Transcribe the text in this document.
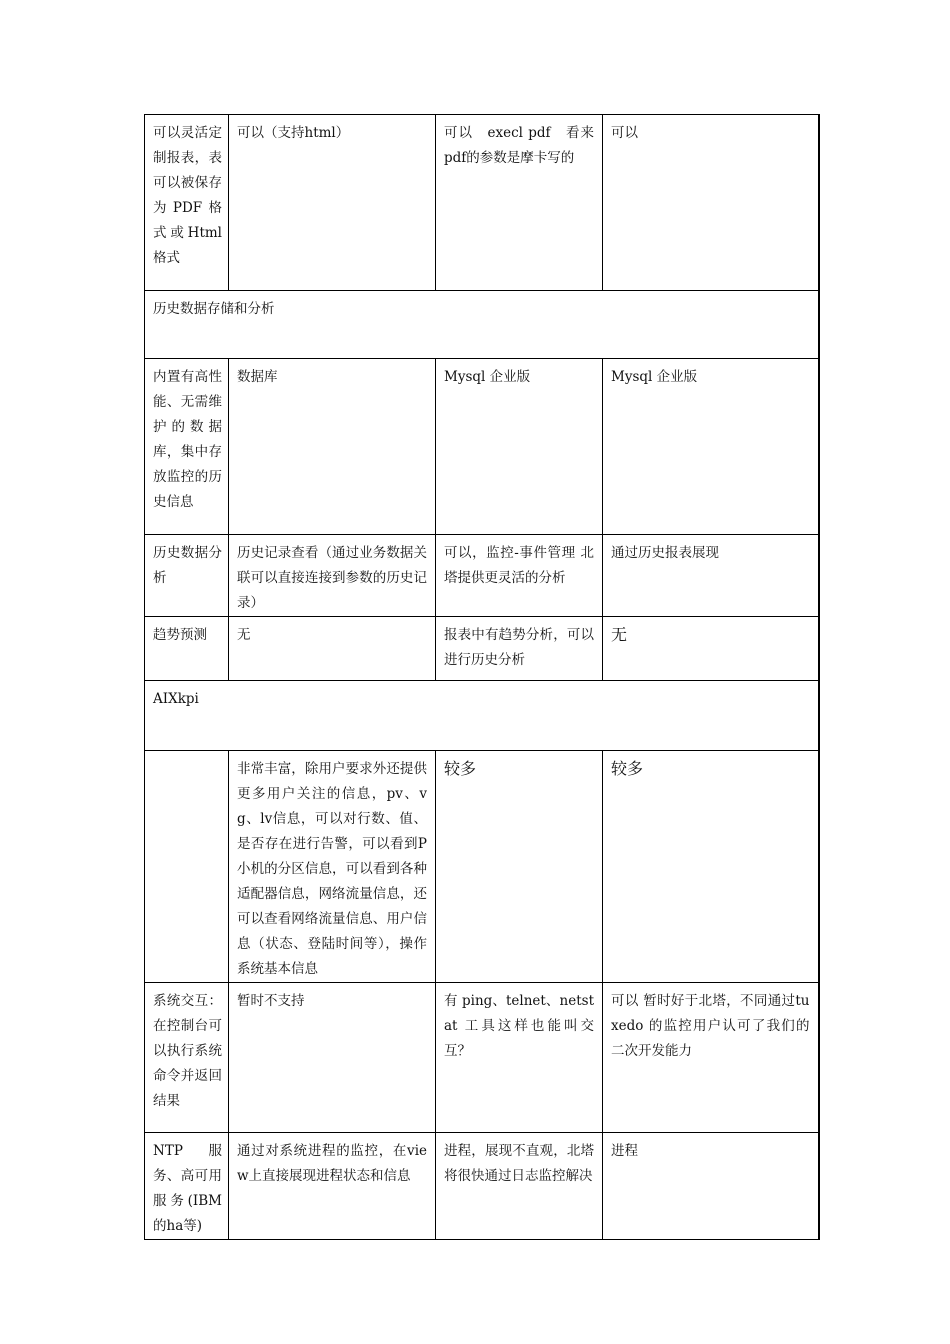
可以灵活定制报表，表可以被保存为PDF格式或Html格式	可以（支持html）	可以　execl pdf　看来pdf的参数是摩卡写的	可以
历史数据存储和分析			
内置有高性能、无需维护的数据库，集中存放监控的历史信息	数据库	Mysql 企业版	Mysql 企业版
历史数据分析	历史记录查看（通过业务数据关联可以直接连接到参数的历史记录）	可以，监控-事件管理 北塔提供更灵活的分析	通过历史报表展现
趋势预测	无	报表中有趋势分析，可以进行历史分析	无

AIXkpi			
	非常丰富，除用户要求外还提供更多用户关注的信息，pv、vg、lv信息，可以对行数、值、是否存在进行告警，可以看到P 小机的分区信息，可以看到各种适配器信息，网络流量信息，还可以查看网络流量信息、用户信息（状态、登陆时间等），操作系统基本信息	较多	较多

系统交互：在控制台可以执行系统命令并返回结果	暂时不支持	有 ping、telnet、netstat 工具这样也能叫交互？	可以 暂时好于北塔，不同通过tuxedo 的监控用户认可了我们的二次开发能力
NTP服务、高可用服务(IBM 的ha等)	通过对系统进程的监控，在view上直接展现进程状态和信息	进程，展现不直观，北塔将很快通过日志监控解决	进程
